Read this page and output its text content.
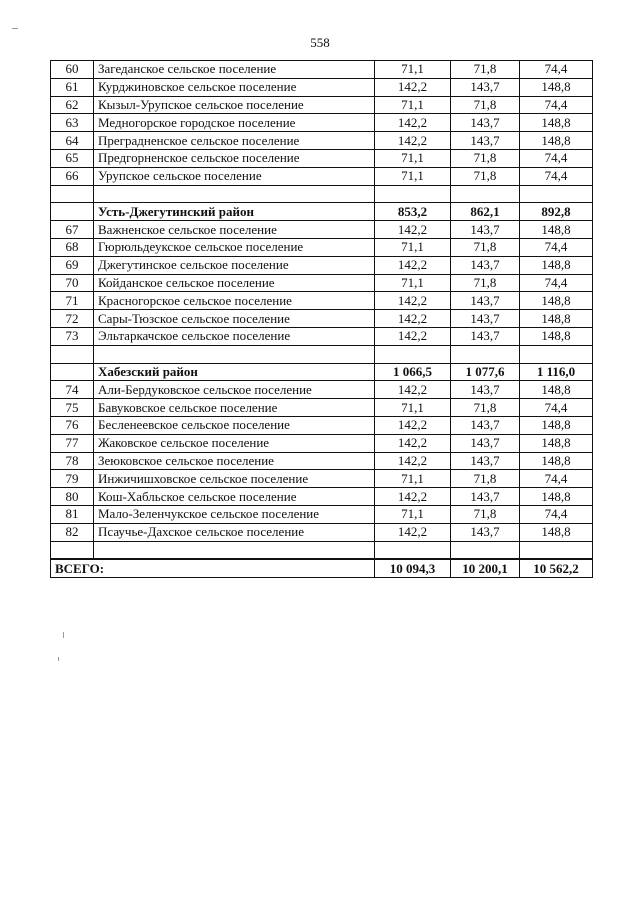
558
60	Загеданское сельское поселение	71,1	71,8	74,4
61	Курджиновское сельское поселение	142,2	143,7	148,8
62	Кызыл-Урупское сельское поселение	71,1	71,8	74,4
63	Медногорское городское поселение	142,2	143,7	148,8
64	Преградненское сельское поселение	142,2	143,7	148,8
65	Предгорненское сельское поселение	71,1	71,8	74,4
66	Урупское сельское поселение	71,1	71,8	74,4

	Усть-Джегутинский район	853,2	862,1	892,8
67	Важненское сельское поселение	142,2	143,7	148,8
68	Гюрюльдеукское сельское поселение	71,1	71,8	74,4
69	Джегутинское сельское поселение	142,2	143,7	148,8
70	Койданское сельское поселение	71,1	71,8	74,4
71	Красногорское сельское поселение	142,2	143,7	148,8
72	Сары-Тюзское сельское поселение	142,2	143,7	148,8
73	Эльтаркачское сельское поселение	142,2	143,7	148,8

	Хабезский район	1 066,5	1 077,6	1 116,0
74	Али-Бердуковское сельское поселение	142,2	143,7	148,8
75	Бавуковское сельское поселение	71,1	71,8	74,4
76	Бесленеевское сельское поселение	142,2	143,7	148,8
77	Жаковское сельское поселение	142,2	143,7	148,8
78	Зеюковское сельское поселение	142,2	143,7	148,8
79	Инжичишховское сельское поселение	71,1	71,8	74,4
80	Кош-Хабльское сельское поселение	142,2	143,7	148,8
81	Мало-Зеленчукское сельское поселение	71,1	71,8	74,4
82	Псаучье-Дахское сельское поселение	142,2	143,7	148,8

ВСЕГО:		10 094,3	10 200,1	10 562,2
